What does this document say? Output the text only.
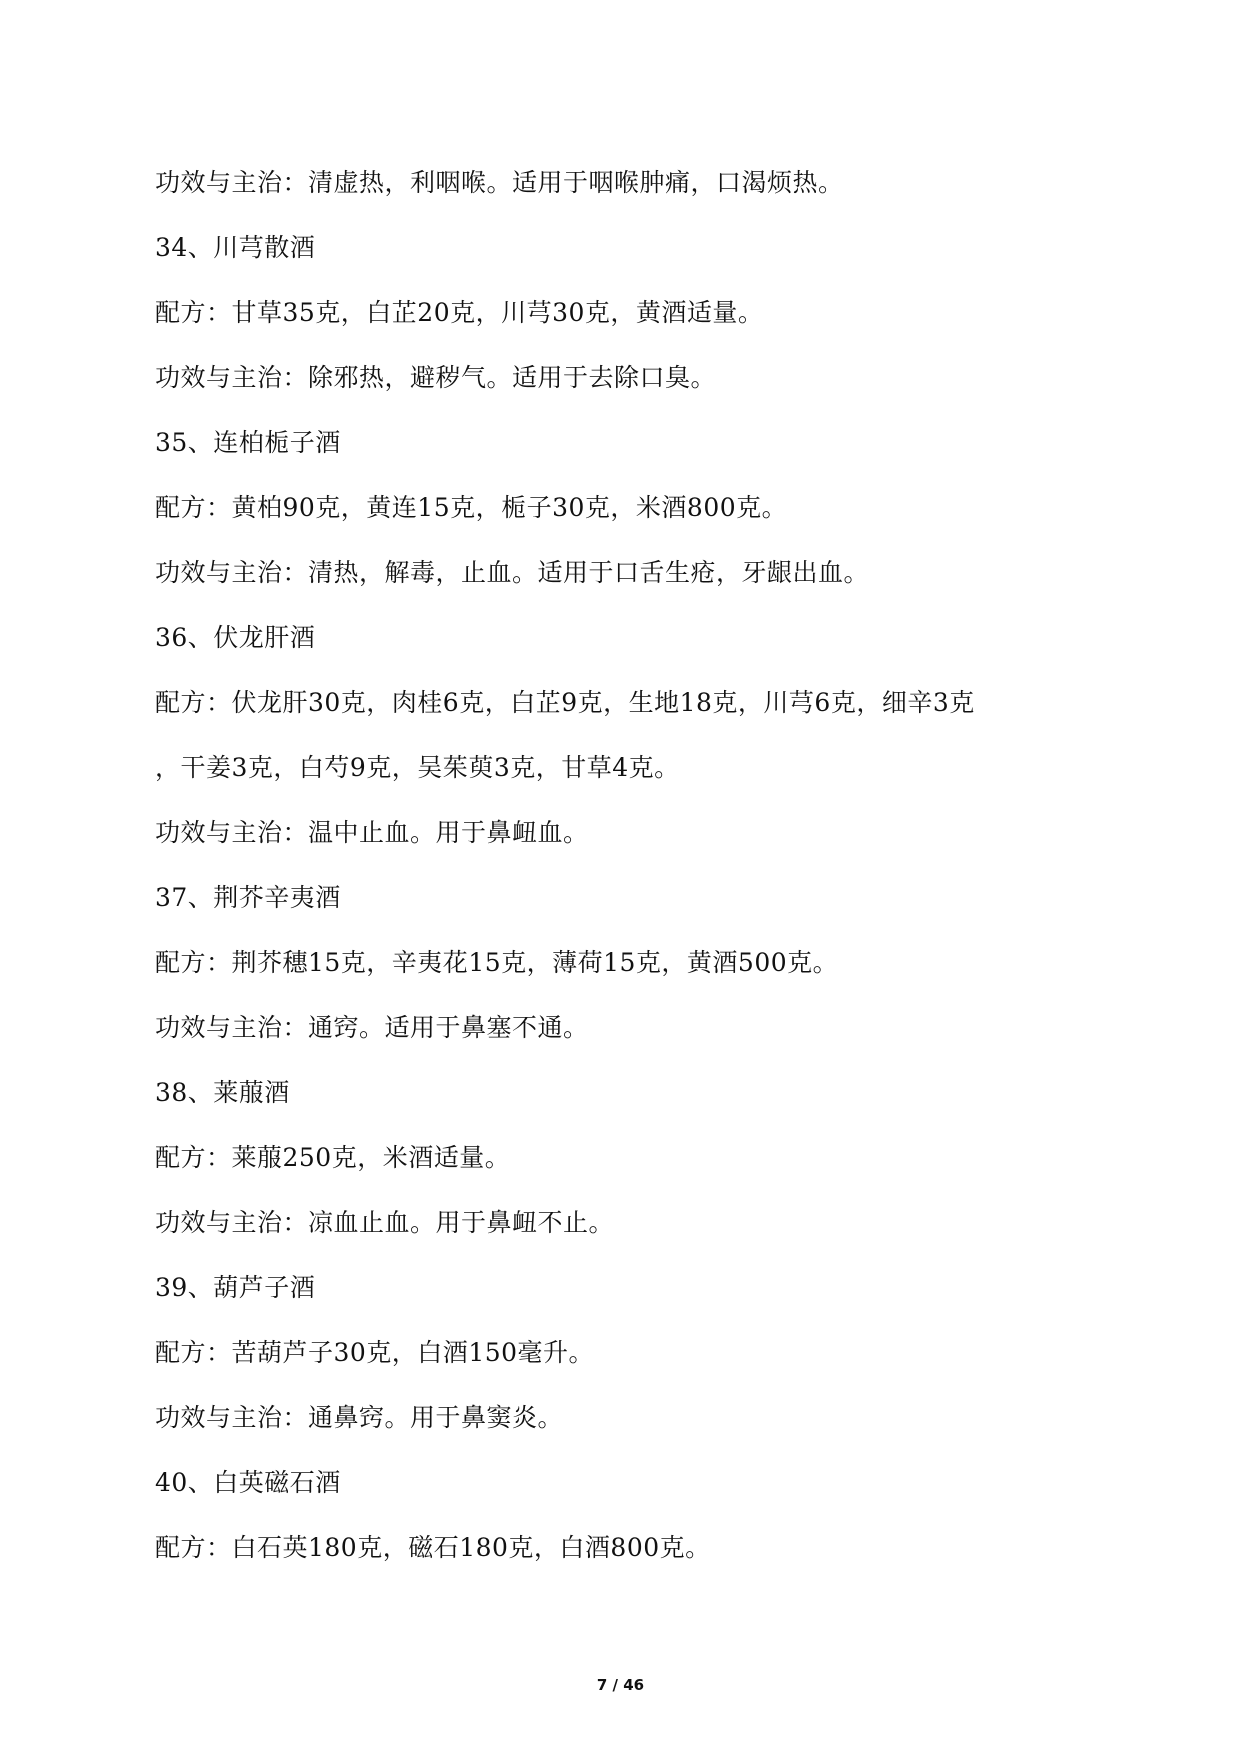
功效与主治：清虚热，利咽喉。适用于咽喉肿痛，口渴烦热。
34、川芎散酒
配方：甘草35克，白芷20克，川芎30克，黄酒适量。
功效与主治：除邪热，避秽气。适用于去除口臭。
35、连柏栀子酒
配方：黄柏90克，黄连15克，栀子30克，米酒800克。
功效与主治：清热，解毒，止血。适用于口舌生疮，牙龈出血。
36、伏龙肝酒
配方：伏龙肝30克，肉桂6克，白芷9克，生地18克，川芎6克，细辛3克
，干姜3克，白芍9克，吴茱萸3克，甘草4克。
功效与主治：温中止血。用于鼻衄血。
37、荆芥辛夷酒
配方：荆芥穗15克，辛夷花15克，薄荷15克，黄酒500克。
功效与主治：通窍。适用于鼻塞不通。
38、莱菔酒
配方：莱菔250克，米酒适量。
功效与主治：凉血止血。用于鼻衄不止。
39、葫芦子酒
配方：苦葫芦子30克，白酒150毫升。
功效与主治：通鼻窍。用于鼻窦炎。
40、白英磁石酒
配方：白石英180克，磁石180克，白酒800克。
7 / 46
